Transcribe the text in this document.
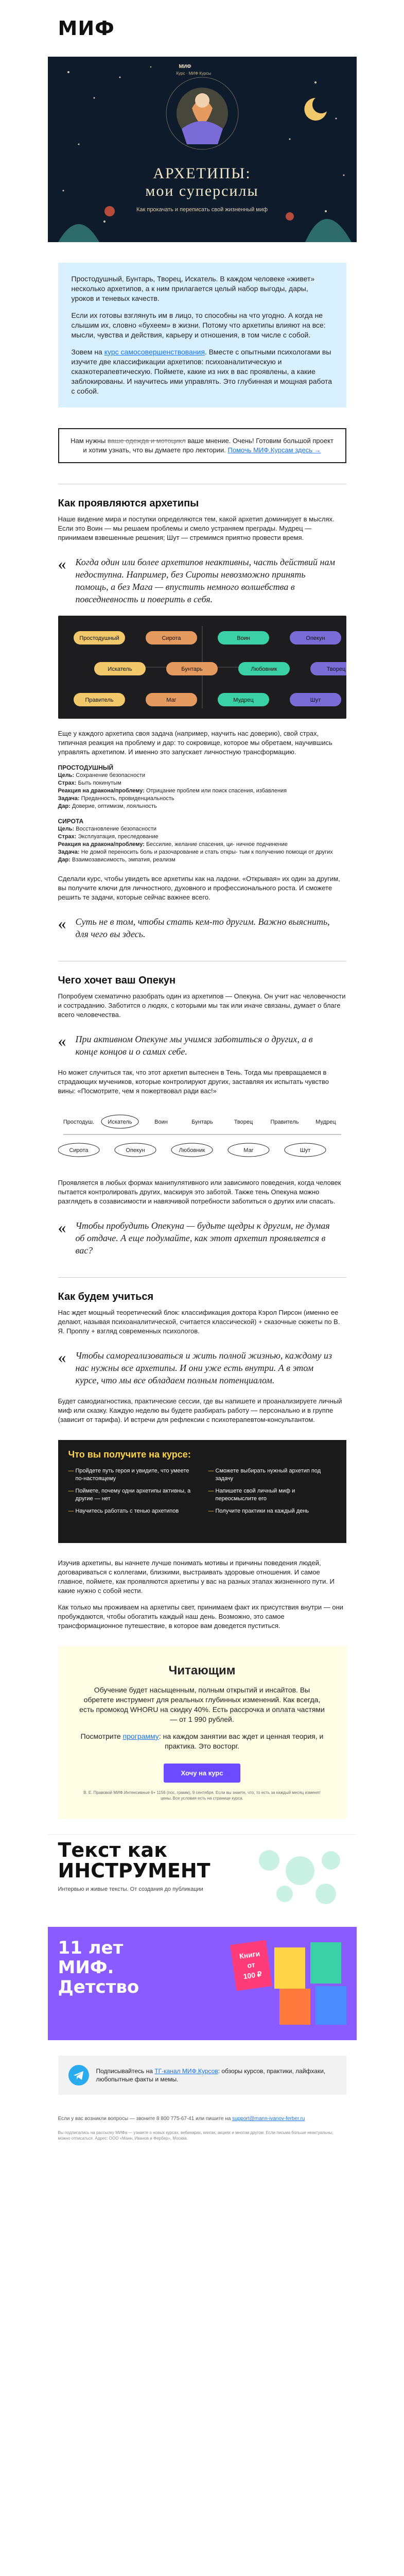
МИФ
МИФ
Курс · МИФ Курсы
АРХЕТИПЫ:
мои суперсилы
Как прокачать и переписать свой жизненный миф

Простодушный, Бунтарь, Творец, Искатель. В каждом человеке «живет» несколько архетипов, а к ним прилагается целый набор выгоды, дары, уроков и теневых качеств.

Если их готовы взглянуть им в лицо, то способны на что угодно. А когда не слышим их, словно «бухеем» в жизни. Потому что архетипы влияют на все: мысли, чувства и действия, карьеру и отношения, в том числе с собой.

Зовем на курс самосовершенствования. Вместе с опытными психологами вы изучите две классификации архетипов: психоаналитическую и сказкотерапевтическую. Поймете, какие из них в вас проявлены, а какие заблокированы. И научитесь ими управлять. Это глубинная и мощная работа с собой.

Нам нужны ваше одежда и мотоцикл ваше мнение. Очень! Готовим большой проект и хотим узнать, что вы думаете про лектории. Помочь МИФ.Курсам здесь →
Как проявляются архетипы

Наше видение мира и поступки определяются тем, какой архетип доминирует в мыслях. Если это Воин — мы решаем проблемы и смело устраняем преграды. Мудрец — принимаем взвешенные решения; Шут — стремимся приятно провести время.

«	Когда один или более архетипов неактивны, часть действий нам недоступна. Например, без Сироты невозможно принять помощь, а без Мага — впустить немного волшебства в повседневность и поверить в себя.
Простодушный	Сирота	Воин	Опекун
Искатель	Бунтарь	Любовник	Творец
Правитель	Маг	Мудрец	Шут

Еще у каждого архетипа своя задача (например, научить нас доверию), свой страх, типичная реакция на проблему и дар: то сокровище, которое мы обретаем, научившись управлять архетипом. И именно это запускает личностную трансформацию.

ПРОСТОДУШНЫЙ
Цель: Сохранение безопасности
Страх: Быть покинутым
Реакция на дракона/проблему: Отрицание проблем или поиск спасения, избавления
Задача: Преданность, провиденциальность
Дар: Доверие, оптимизм, лояльность
СИРОТА
Цель: Восстановление безопасности
Страх: Эксплуатация, преследование
Реакция на дракона/проблему: Бессилие, желание спасения, ци- ничное подчинение
Задача: Не домой переносить боль и разочарование и стать откры- тым к получению помощи от других
Дар: Взаимозависимость, эмпатия, реализм

Сделали курс, чтобы увидеть все архетипы как на ладони. «Открывая» их один за другим, вы получите ключи для личностного, духовного и профессионального роста. И сможете решить те задачи, которые сейчас важнее всего.

«	Суть не в том, чтобы стать кем-то другим. Важно выяснить, для чего вы здесь.
Чего хочет ваш Опекун

Попробуем схематично разобрать один из архетипов — Опекуна. Он учит нас человечности и состраданию. Заботится о людях, с которыми мы так или иначе связаны, думает о благе всего человечества.

«	При активном Опекуне мы учимся заботиться о других, а в конце концов и о самих себе.

Но может случиться так, что этот архетип вытеснен в Тень. Тогда мы превращаемся в страдающих мучеников, которые контролируют других, заставляя их испытать чувство вины: «Посмотрите, чем я пожертвовал ради вас!»

Простодуш. Искатель	Воин	Бунтарь	Творец	Правитель	Мудрец
Сирота	Опекун	Любовник	Маг	Шут

Проявляется в любых формах манипулятивного или зависимого поведения, когда человек пытается контролировать других, маскируя это заботой. Также тень Опекуна можно разглядеть в созависимости и навязчивой потребности заботиться о других или спасать.

«	Чтобы пробудить Опекуна — будьте щедры к другим, не думая об отдаче. А еще подумайте, как этот архетип проявляется в вас?
Как будем учиться

Нас ждет мощный теоретический блок: классификация доктора Кэрол Пирсон (именно ее делают, называя психоаналитической, считается классической) + сказочные сюжеты по В. Я. Проппу + взгляд современных психологов.

«	Чтобы самореализоваться и жить полной жизнью, каждому из нас нужны все архетипы. И они уже есть внутри. А в этом курсе, что мы все обладаем полным потенциалом.

Будет самодиагностика, практические сессии, где вы напишете и проанализируете личный миф или сказку. Каждую неделю вы будете разбирать работу — персонально и в группе (зависит от тарифа). И встречи для рефлексии с психотерапевтом-консультантом.

Что вы получите на курсе:
— Пройдете путь героя и увидите, что умеете по-настоящему
— Поймете, почему одни архетипы активны, а другие — нет
— Научитесь работать с тенью архетипов
— Сможете выбирать нужный архетип под задачу
— Напишете свой личный миф и переосмыслите его
— Получите практики на каждый день

Изучив архетипы, вы начнете лучше понимать мотивы и причины поведения людей, договариваться с коллегами, близкими, выстраивать здоровые отношения. И самое главное, поймете, как проявляются архетипы у вас на разных этапах жизненного пути. И какие нужно с собой нести.

Как только мы проживаем на архетипы свет, принимаем факт их присутствия внутри — они пробуждаются, чтобы обогатить каждый наш день. Возможно, это самое трансформационное путешествие, в которое вам доведется пуститься.

Читающим
Обучение будет насыщенным, полным открытий и инсайтов. Вы обретете инструмент для реальных глубинных изменений. Как всегда, есть промокод WHORU на скидку 40%. Есть рассрочка и оплата частями — от 1 990 рублей.
Посмотрите программу: на каждом занятии вас ждет и ценная теория, и практика. Это восторг.
Хочу на курс
В. Е. Правовой МИФ.Интенсивные 6+ 1156 (пос. грамм), 9 сентября. Если вы знаете, что, то есть за каждый месяц изменят цены. Все условия есть на странице курса.
Текст как
ИНСТРУМЕНТ
Интервью и живые тексты. От создания до публикации
11 лет
МИФ.
Детство
Книги
от
100 ₽
Подписывайтесь на ТГ-канал МИФ.Курсов: обзоры курсов, практики, лайфхаки, любопытные факты и мемы.
Если у вас возникли вопросы — звоните 8 800 775-67-41 или пишите на support@mann-ivanov-ferber.ru
Вы подписались на рассылку МИФа — узнаете о новых курсах, вебинарах, книгах, акциях и многом другом. Если письма больше неактуальны, можно отписаться. Адрес: ООО «Манн, Иванов и Фербер», Москва.
